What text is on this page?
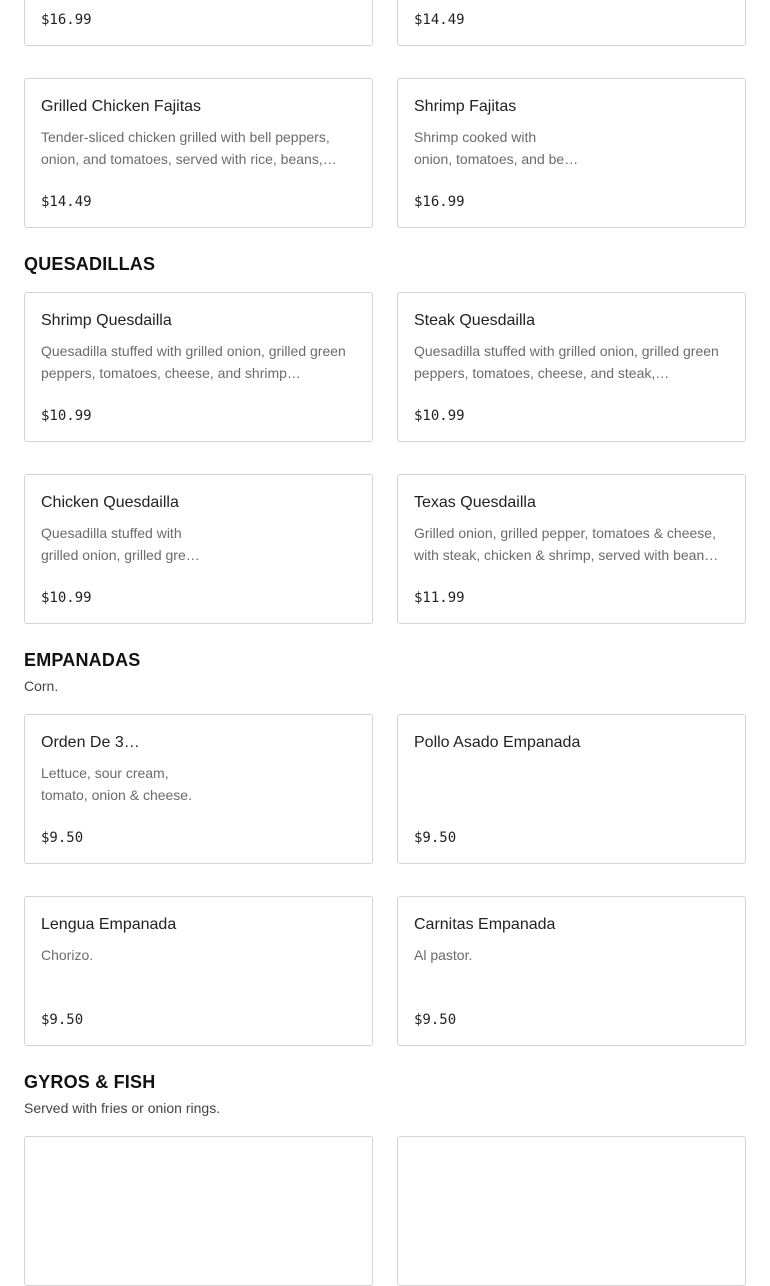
$16.99	$14.49
Grilled Chicken Fajitas
Tender-sliced chicken grilled with bell peppers, onion, and tomatoes, served with rice, beans,…
$14.49
Shrimp Fajitas
Shrimp cooked with
onion, tomatoes, and be…
$16.99
QUESADILLAS
Shrimp Quesdailla
Quesadilla stuffed with grilled onion, grilled green peppers, tomatoes, cheese, and shrimp…
$10.99
Steak Quesdailla
Quesadilla stuffed with grilled onion, grilled green peppers, tomatoes, cheese, and steak,…
$10.99
Chicken Quesdailla
Quesadilla stuffed with
grilled onion, grilled gre…
$10.99
Texas Quesdailla
Grilled onion, grilled pepper, tomatoes & cheese, with steak, chicken & shrimp, served with bean…
$11.99
EMPANADAS
Corn.
Orden De 3…
Lettuce, sour cream,
tomato, onion & cheese.
$9.50
Pollo Asado Empanada
$9.50
Lengua Empanada
Chorizo.
$9.50
Carnitas Empanada
Al pastor.
$9.50
GYROS & FISH
Served with fries or onion rings.
